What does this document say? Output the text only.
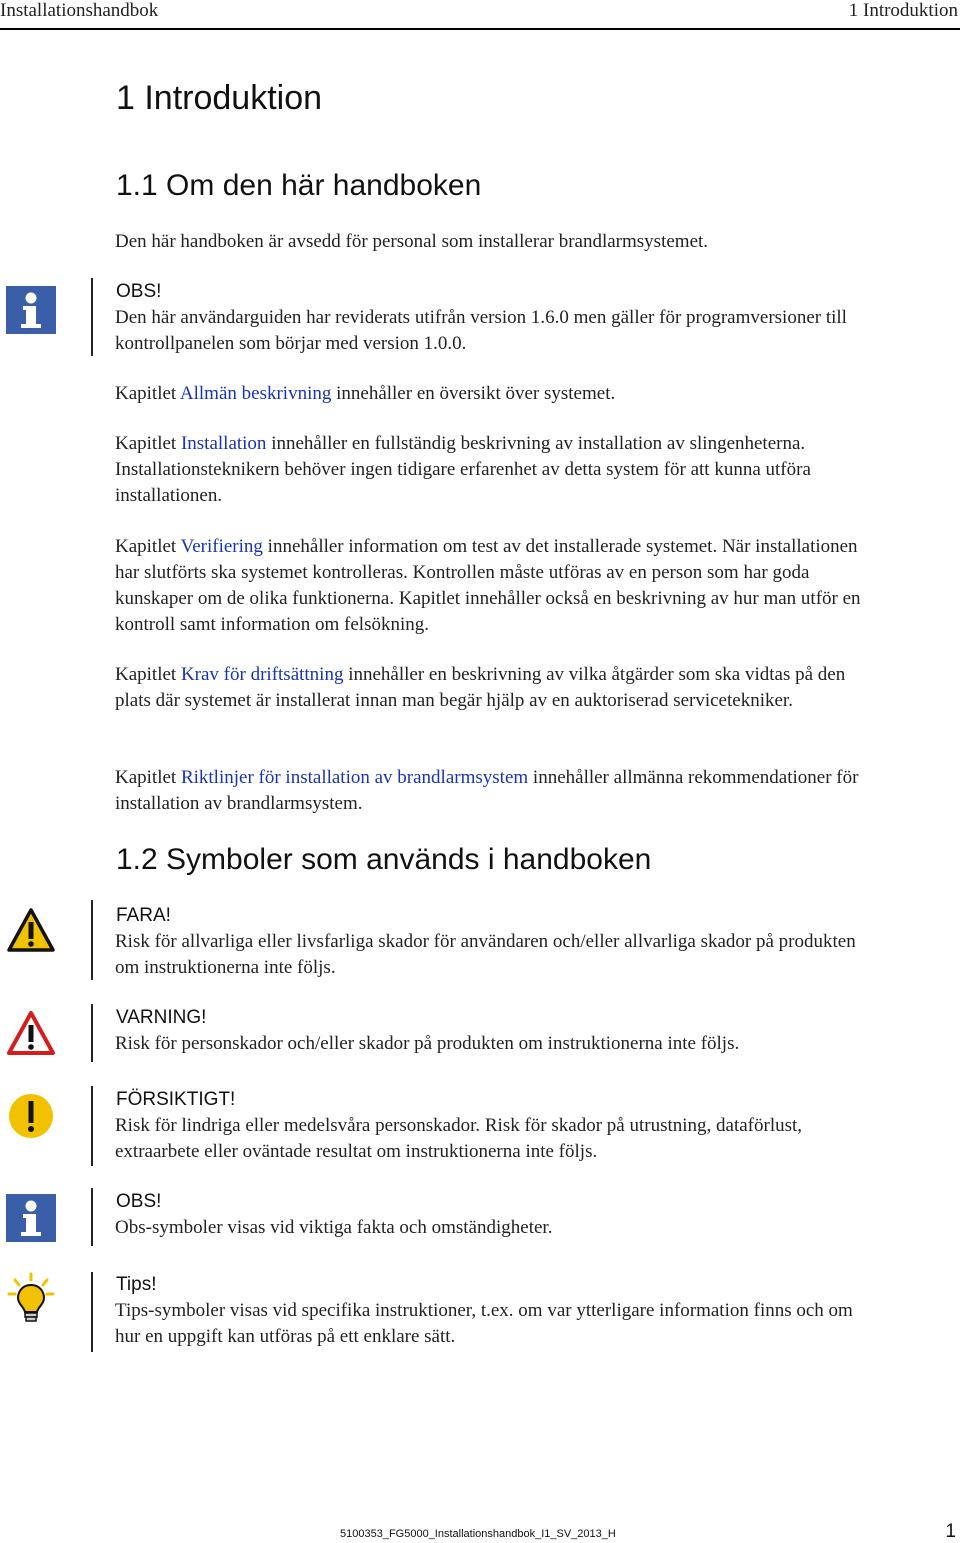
Installationshandbok	1 Introduktion
1 Introduktion
1.1 Om den här handboken

Den här handboken är avsedd för personal som installerar brandlarmsystemet.

OBS!

Den här användarguiden har reviderats utifrån version 1.6.0 men gäller för programversioner till kontrollpanelen som börjar med version 1.0.0.

Kapitlet Allmän beskrivning innehåller en översikt över systemet.

Kapitlet Installation innehåller en fullständig beskrivning av installation av slingenheterna. Installationsteknikern behöver ingen tidigare erfarenhet av detta system för att kunna utföra installationen.

Kapitlet Verifiering innehåller information om test av det installerade systemet. När installationen har slutförts ska systemet kontrolleras. Kontrollen måste utföras av en person som har goda kunskaper om de olika funktionerna. Kapitlet innehåller också en beskrivning av hur man utför en kontroll samt information om felsökning.

Kapitlet Krav för driftsättning innehåller en beskrivning av vilka åtgärder som ska vidtas på den plats där systemet är installerat innan man begär hjälp av en auktoriserad servicetekniker.

Kapitlet Riktlinjer för installation av brandlarmsystem innehåller allmänna rekommendationer för installation av brandlarmsystem.

1.2 Symboler som används i handboken
FARA!

Risk för allvarliga eller livsfarliga skador för användaren och/eller allvarliga skador på produkten om instruktionerna inte följs.

VARNING!

Risk för personskador och/eller skador på produkten om instruktionerna inte följs.

FÖRSIKTIGT!

Risk för lindriga eller medelsvåra personskador. Risk för skador på utrustning, dataförlust, extraarbete eller oväntade resultat om instruktionerna inte följs.

OBS!

Obs-symboler visas vid viktiga fakta och omständigheter.

Tips!

Tips-symboler visas vid specifika instruktioner, t.ex. om var ytterligare information finns och om hur en uppgift kan utföras på ett enklare sätt.

5100353_FG5000_Installationshandbok_I1_SV_2013_H	1
